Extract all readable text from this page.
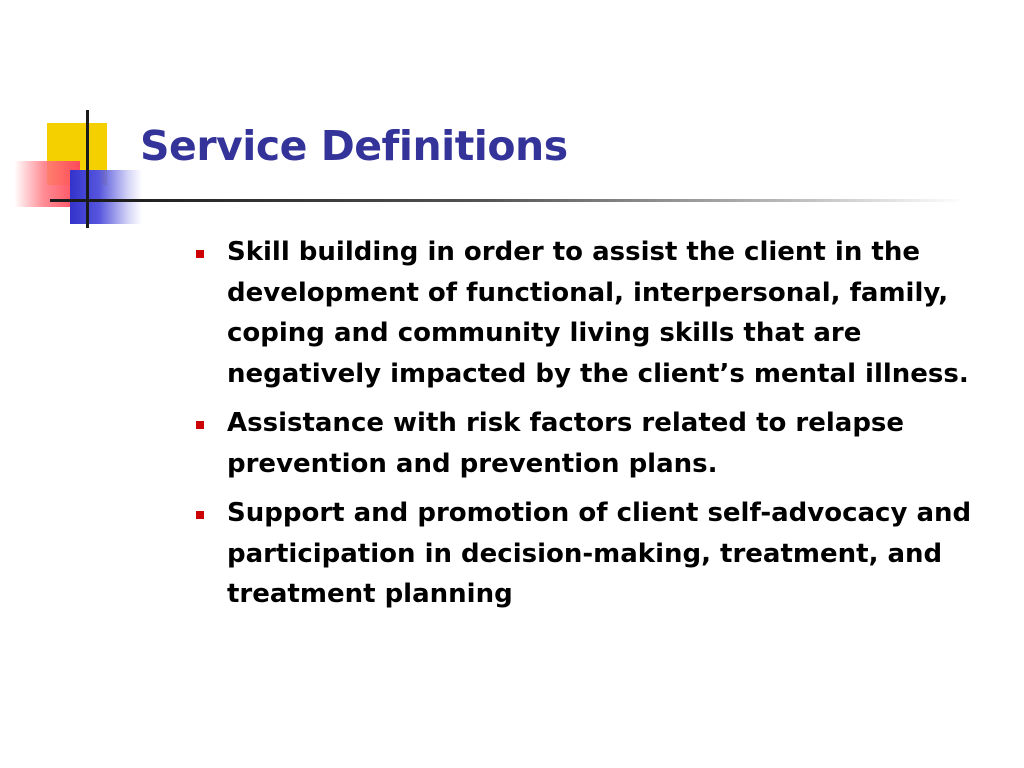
Service Definitions
Skill building in order to assist the client in the development of functional, interpersonal, family, coping and community living skills that are negatively impacted by the client’s mental illness.
Assistance with risk factors related to relapse prevention and prevention plans.
Support and promotion of client self-advocacy and participation in decision-making, treatment, and treatment planning
